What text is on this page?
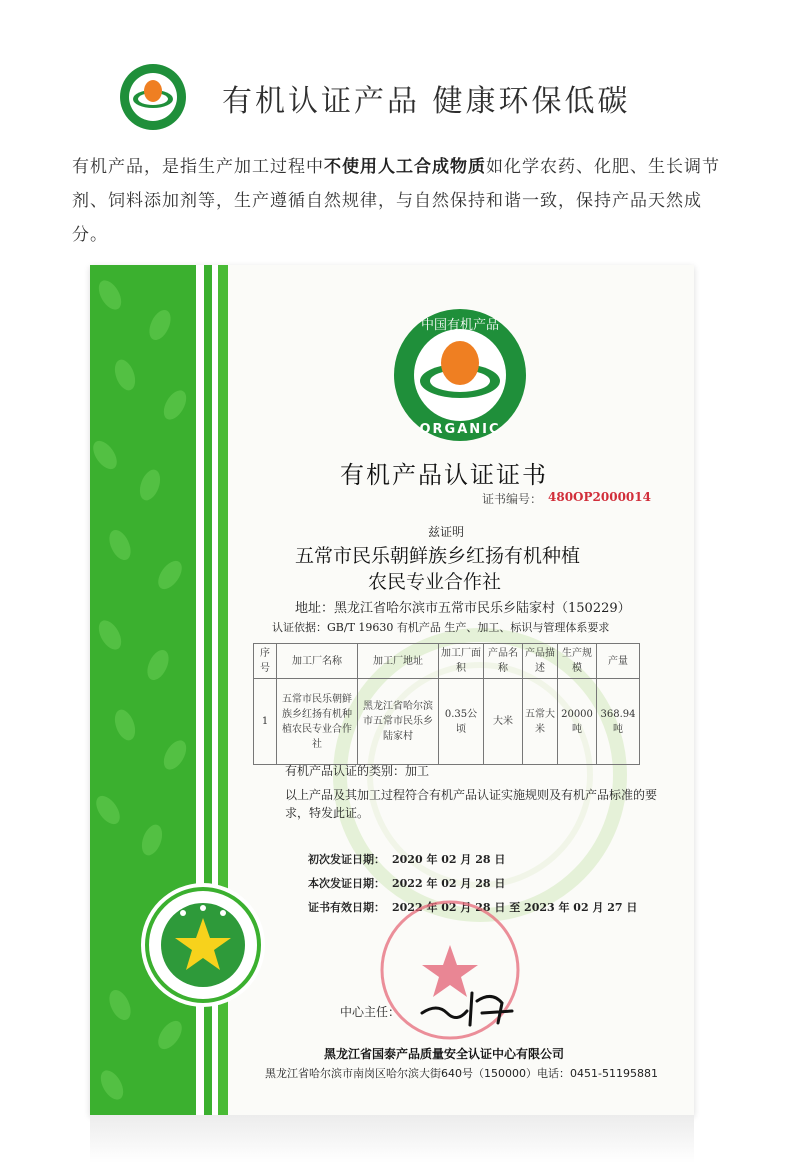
有机认证产品 健康环保低碳
有机产品，是指生产加工过程中不使用人工合成物质如化学农药、化肥、生长调节剂、饲料添加剂等，生产遵循自然规律，与自然保持和谐一致，保持产品天然成分。
中国有机产品
ORGANIC
有机产品认证证书
证书编号： 480OP2000014
兹证明
五常市民乐朝鲜族乡红扬有机种植
农民专业合作社
地址：黑龙江省哈尔滨市五常市民乐乡陆家村（150229）
认证依据：GB/T 19630 有机产品 生产、加工、标识与管理体系要求
序号	加工厂名称	加工厂地址	加工厂面积	产品名称	产品描述	生产规模	产量
1	五常市民乐朝鲜族乡红扬有机种植农民专业合作社	黑龙江省哈尔滨市五常市民乐乡陆家村	0.35公顷	大米	五常大米	20000吨	368.94吨
有机产品认证的类别：加工
以上产品及其加工过程符合有机产品认证实施规则及有机产品标准的要求，特发此证。
初次发证日期： 2020 年 02 月 28 日
本次发证日期： 2022 年 02 月 28 日
证书有效日期： 2022 年 02 月 28 日 至 2023 年 02 月 27 日
中心主任：
黑龙江省国泰产品质量安全认证中心有限公司
黑龙江省哈尔滨市南岗区哈尔滨大街640号（150000）电话：0451-51195881
